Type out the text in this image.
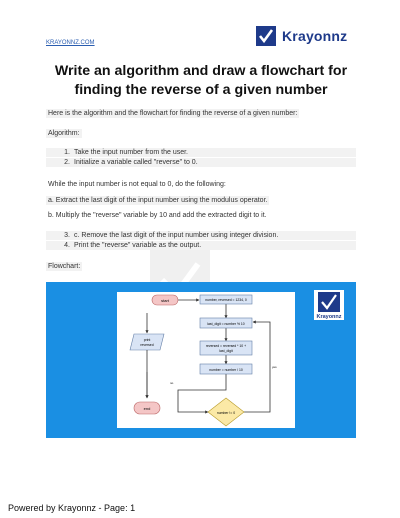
KRAYONNZ.COM	Krayonnz
Write an algorithm and draw a flowchart for finding the reverse of a given number
Here is the algorithm and the flowchart for finding the reverse of a given number:
Algorithm:
1. Take the input number from the user.
2. Initialize a variable called "reverse" to 0.
While the input number is not equal to 0, do the following:
a. Extract the last digit of the input number using the modulus operator.
b. Multiply the "reverse" variable by 10 and add the extracted digit to it.
3. c. Remove the last digit of the input number using integer division.
4. Print the "reverse" variable as the output.
Flowchart:
start	number, reversed = 1234, 0
last_digit = number % 10
reversed = reversed * 10 +
last_digit
number = number / 10
number != 0
yes
no
print
reversed
end
Krayonnz
Powered by Krayonnz - Page: 1
